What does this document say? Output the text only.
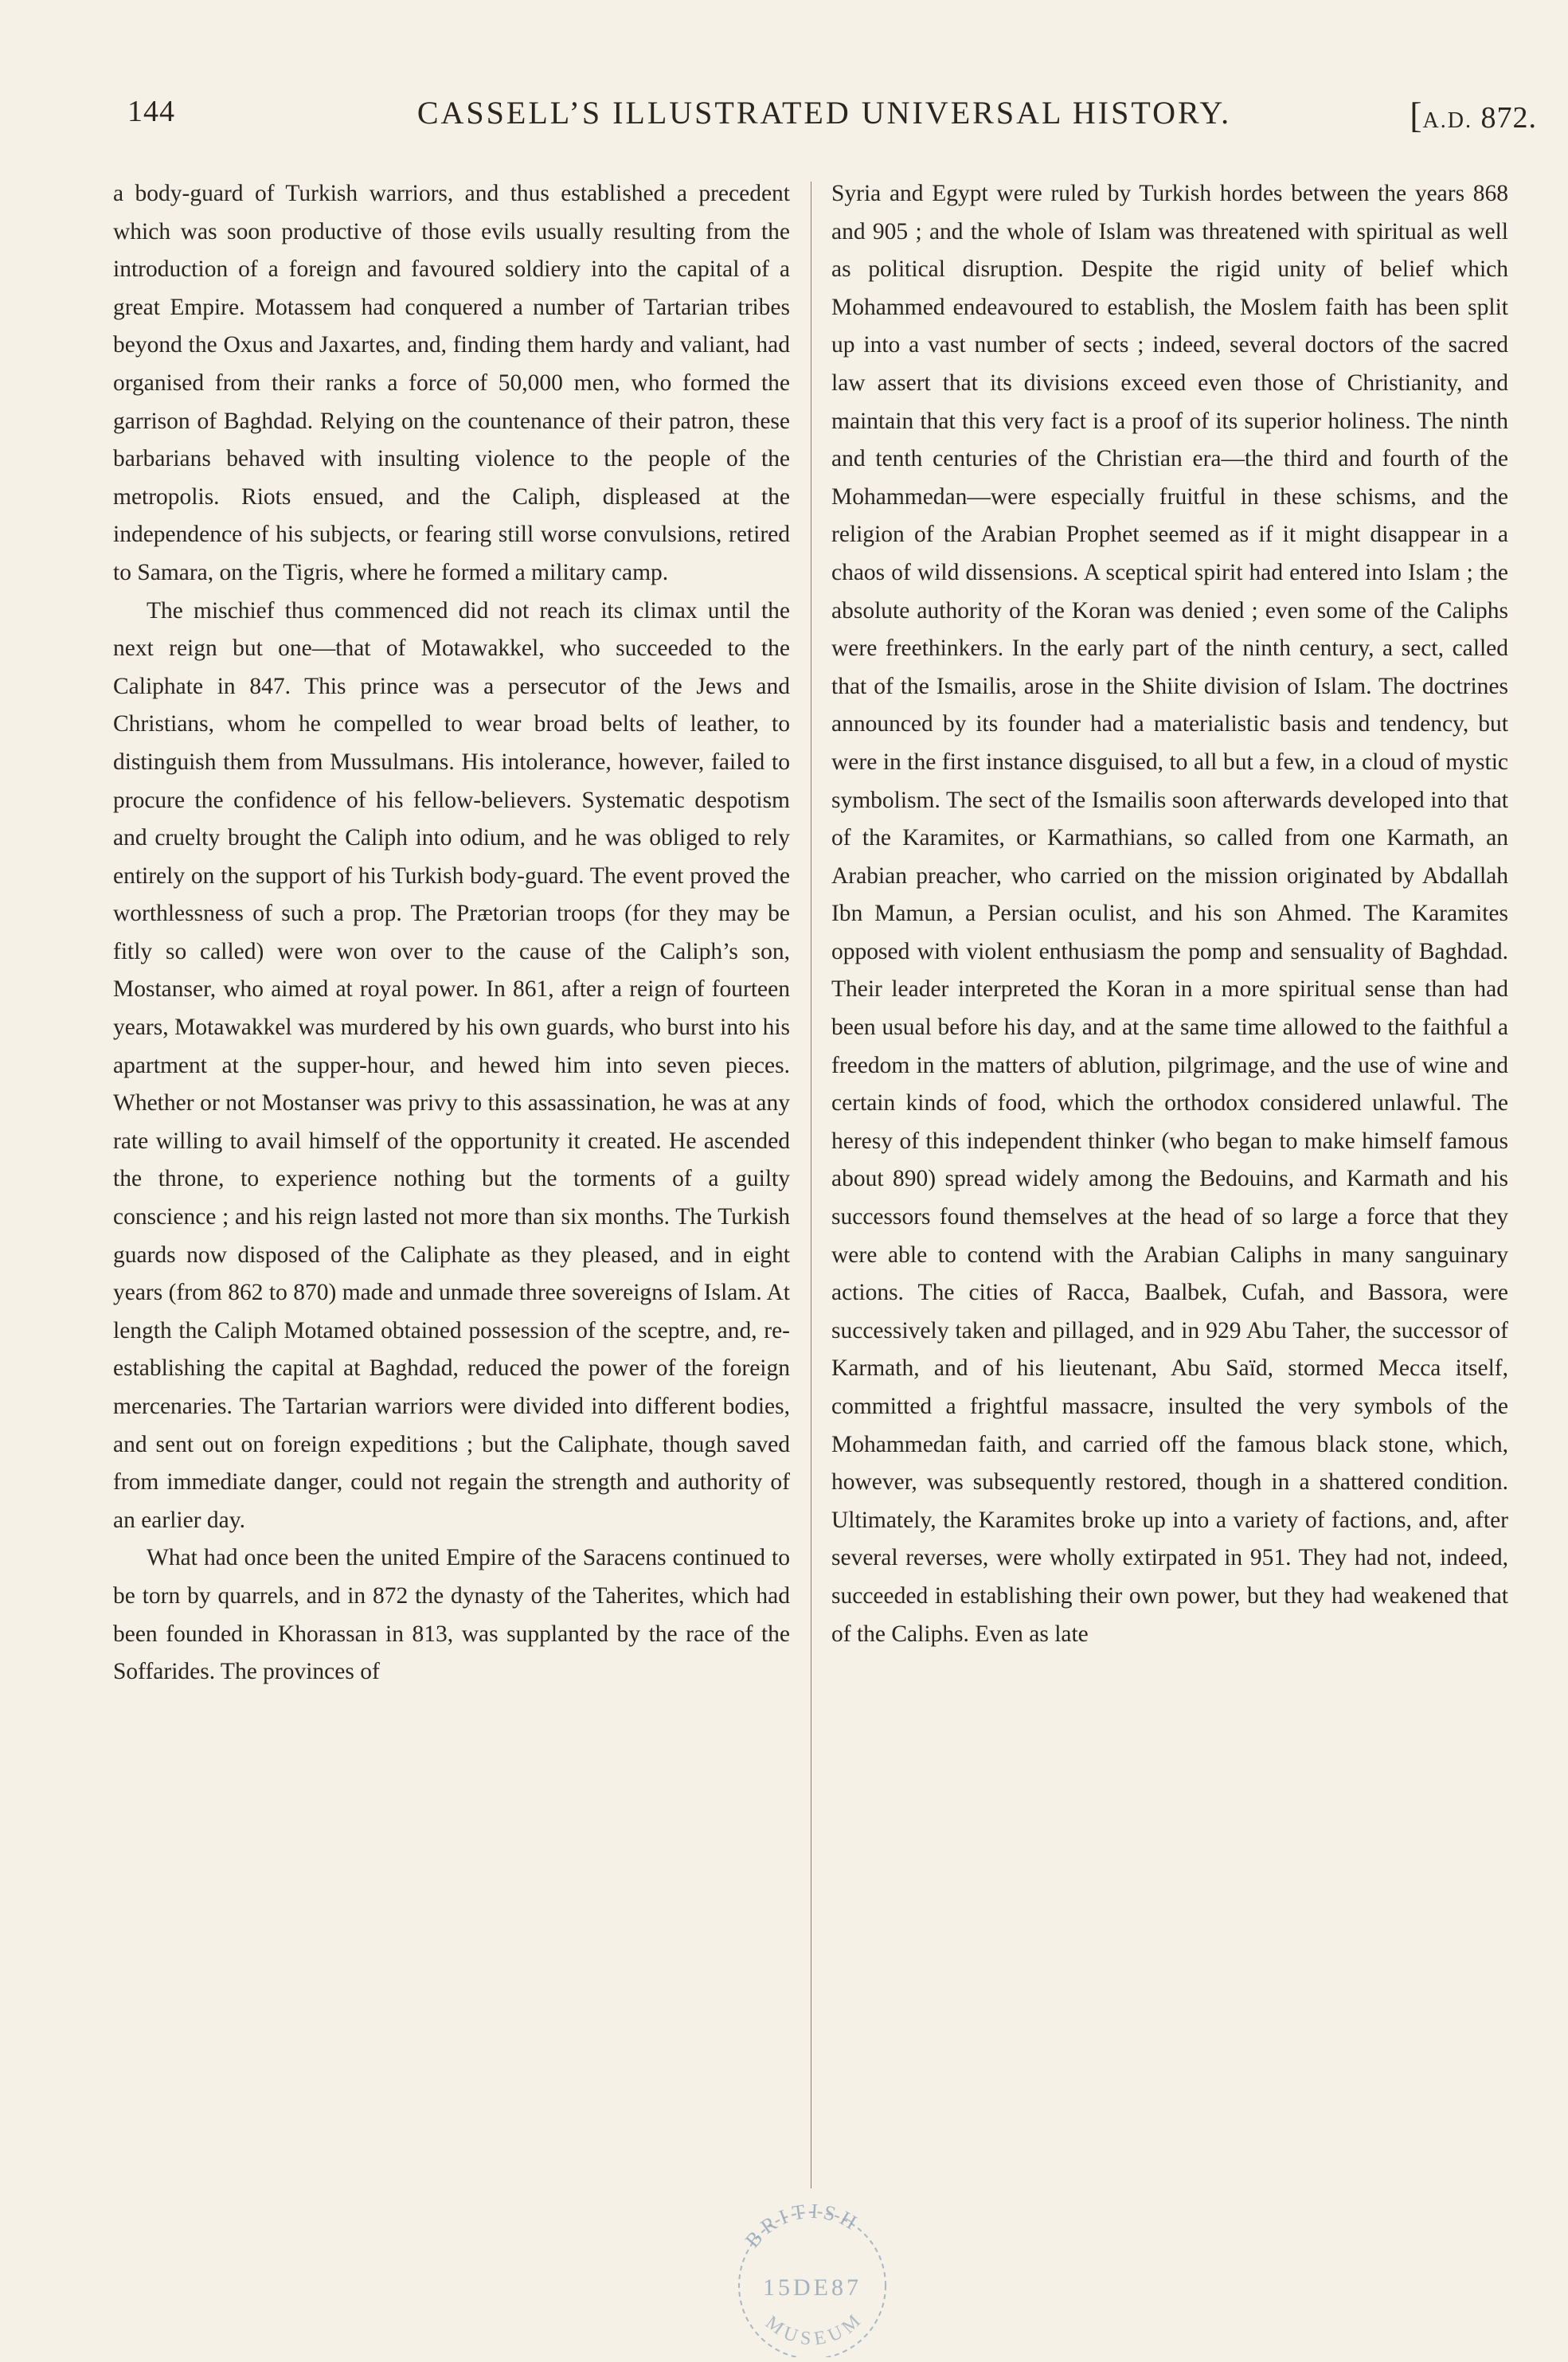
144	CASSELL’S ILLUSTRATED UNIVERSAL HISTORY.	[A.D. 872.

a body-guard of Turkish warriors, and thus established a precedent which was soon productive of those evils usually resulting from the introduction of a foreign and favoured soldiery into the capital of a great Empire. Motassem had conquered a number of Tartarian tribes beyond the Oxus and Jaxartes, and, finding them hardy and valiant, had organised from their ranks a force of 50,000 men, who formed the garrison of Baghdad. Relying on the countenance of their patron, these barbarians behaved with insulting violence to the people of the metropolis. Riots ensued, and the Caliph, displeased at the independence of his subjects, or fearing still worse convulsions, retired to Samara, on the Tigris, where he formed a military camp.

The mischief thus commenced did not reach its climax until the next reign but one—that of Motawakkel, who succeeded to the Caliphate in 847. This prince was a persecutor of the Jews and Christians, whom he compelled to wear broad belts of leather, to distinguish them from Mussulmans. His intolerance, however, failed to procure the confidence of his fellow-believers. Systematic despotism and cruelty brought the Caliph into odium, and he was obliged to rely entirely on the support of his Turkish body-guard. The event proved the worthlessness of such a prop. The Prætorian troops (for they may be fitly so called) were won over to the cause of the Caliph’s son, Mostanser, who aimed at royal power. In 861, after a reign of fourteen years, Motawakkel was murdered by his own guards, who burst into his apartment at the supper-hour, and hewed him into seven pieces. Whether or not Mostanser was privy to this assassination, he was at any rate willing to avail himself of the opportunity it created. He ascended the throne, to experience nothing but the torments of a guilty conscience ; and his reign lasted not more than six months. The Turkish guards now disposed of the Caliphate as they pleased, and in eight years (from 862 to 870) made and unmade three sovereigns of Islam. At length the Caliph Motamed obtained possession of the sceptre, and, re-establishing the capital at Baghdad, reduced the power of the foreign mercenaries. The Tartarian warriors were divided into different bodies, and sent out on foreign expeditions ; but the Caliphate, though saved from immediate danger, could not regain the strength and authority of an earlier day.

What had once been the united Empire of the Saracens continued to be torn by quarrels, and in 872 the dynasty of the Taherites, which had been founded in Khorassan in 813, was supplanted by the race of the Soffarides. The provinces of

Syria and Egypt were ruled by Turkish hordes between the years 868 and 905 ; and the whole of Islam was threatened with spiritual as well as political disruption. Despite the rigid unity of belief which Mohammed endeavoured to establish, the Moslem faith has been split up into a vast number of sects ; indeed, several doctors of the sacred law assert that its divisions exceed even those of Christianity, and maintain that this very fact is a proof of its superior holiness. The ninth and tenth centuries of the Christian era—the third and fourth of the Mohammedan—were especially fruitful in these schisms, and the religion of the Arabian Prophet seemed as if it might disappear in a chaos of wild dissensions. A sceptical spirit had entered into Islam ; the absolute authority of the Koran was denied ; even some of the Caliphs were freethinkers. In the early part of the ninth century, a sect, called that of the Ismailis, arose in the Shiite division of Islam. The doctrines announced by its founder had a materialistic basis and tendency, but were in the first instance disguised, to all but a few, in a cloud of mystic symbolism. The sect of the Ismailis soon afterwards developed into that of the Karamites, or Karmathians, so called from one Karmath, an Arabian preacher, who carried on the mission originated by Abdallah Ibn Mamun, a Persian oculist, and his son Ahmed. The Karamites opposed with violent enthusiasm the pomp and sensuality of Baghdad. Their leader interpreted the Koran in a more spiritual sense than had been usual before his day, and at the same time allowed to the faithful a freedom in the matters of ablution, pilgrimage, and the use of wine and certain kinds of food, which the orthodox considered unlawful. The heresy of this independent thinker (who began to make himself famous about 890) spread widely among the Bedouins, and Karmath and his successors found themselves at the head of so large a force that they were able to contend with the Arabian Caliphs in many sanguinary actions. The cities of Racca, Baalbek, Cufah, and Bassora, were successively taken and pillaged, and in 929 Abu Taher, the successor of Karmath, and of his lieutenant, Abu Saïd, stormed Mecca itself, committed a frightful massacre, insulted the very symbols of the Mohammedan faith, and carried off the famous black stone, which, however, was subsequently restored, though in a shattered condition. Ultimately, the Karamites broke up into a variety of factions, and, after several reverses, were wholly extirpated in 951. They had not, indeed, succeeded in establishing their own power, but they had weakened that of the Caliphs. Even as late

BRITISH
15DE87
MUSEUM
